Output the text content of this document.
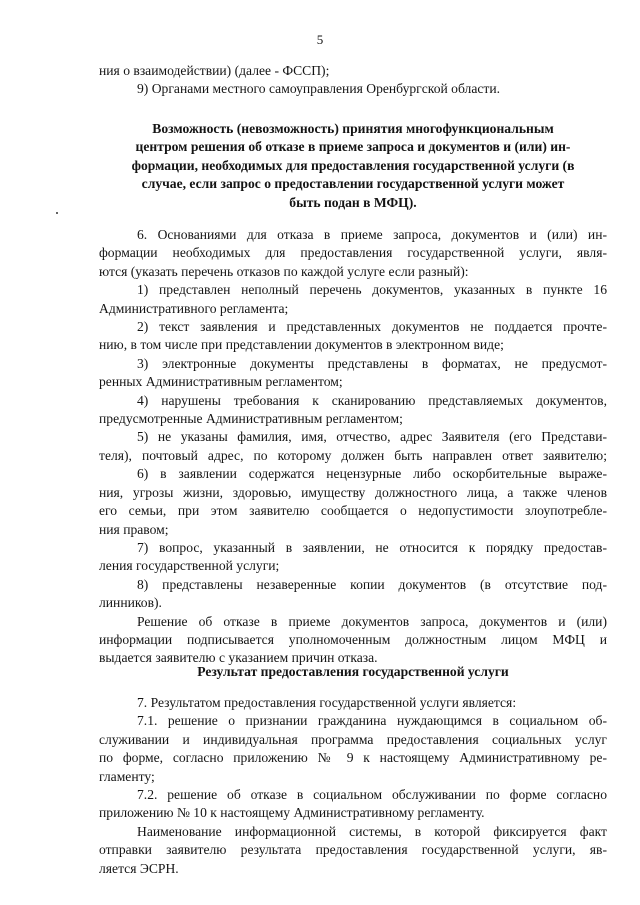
5
ния о взаимодействии) (далее - ФССП);
9) Органами местного самоуправления Оренбургской области.
Возможность (невозможность) принятия многофункциональным
центром решения об отказе в приеме запроса и документов и (или) ин-
формации, необходимых для предоставления государственной услуги (в
случае, если запрос о предоставлении государственной услуги может
быть подан в МФЦ).
6. Основаниями для отказа в приеме запроса, документов и (или) ин-
формации необходимых для предоставления государственной услуги, явля-
ются (указать перечень отказов по каждой услуге если разный):
1) представлен неполный перечень документов, указанных в пункте 16
Административного регламента;
2) текст заявления и представленных документов не поддается прочте-
нию, в том числе при представлении документов в электронном виде;
3) электронные документы представлены в форматах, не предусмот-
ренных Административным регламентом;
4) нарушены требования к сканированию представляемых документов,
предусмотренные Административным регламентом;
5) не указаны фамилия, имя, отчество, адрес Заявителя (его Представи-
теля), почтовый адрес, по которому должен быть направлен ответ заявителю;
6) в заявлении содержатся нецензурные либо оскорбительные выраже-
ния, угрозы жизни, здоровью, имуществу должностного лица, а также членов
его семьи, при этом заявителю сообщается о недопустимости злоупотребле-
ния правом;
7) вопрос, указанный в заявлении, не относится к порядку предостав-
ления государственной услуги;
8) представлены незаверенные копии документов (в отсутствие под-
линников).
Решение об отказе в приеме документов запроса, документов и (или)
информации подписывается уполномоченным должностным лицом МФЦ и
выдается заявителю с указанием причин отказа.
Результат предоставления государственной услуги
7. Результатом предоставления государственной услуги является:
7.1. решение о признании гражданина нуждающимся в социальном об-
служивании и индивидуальная программа предоставления социальных услуг
по форме, согласно приложению № 9 к настоящему Административному ре-
гламенту;
7.2. решение об отказе в социальном обслуживании по форме согласно
приложению № 10 к настоящему Административному регламенту.
Наименование информационной системы, в которой фиксируется факт
отправки заявителю результата предоставления государственной услуги, яв-
ляется ЭСРН.
